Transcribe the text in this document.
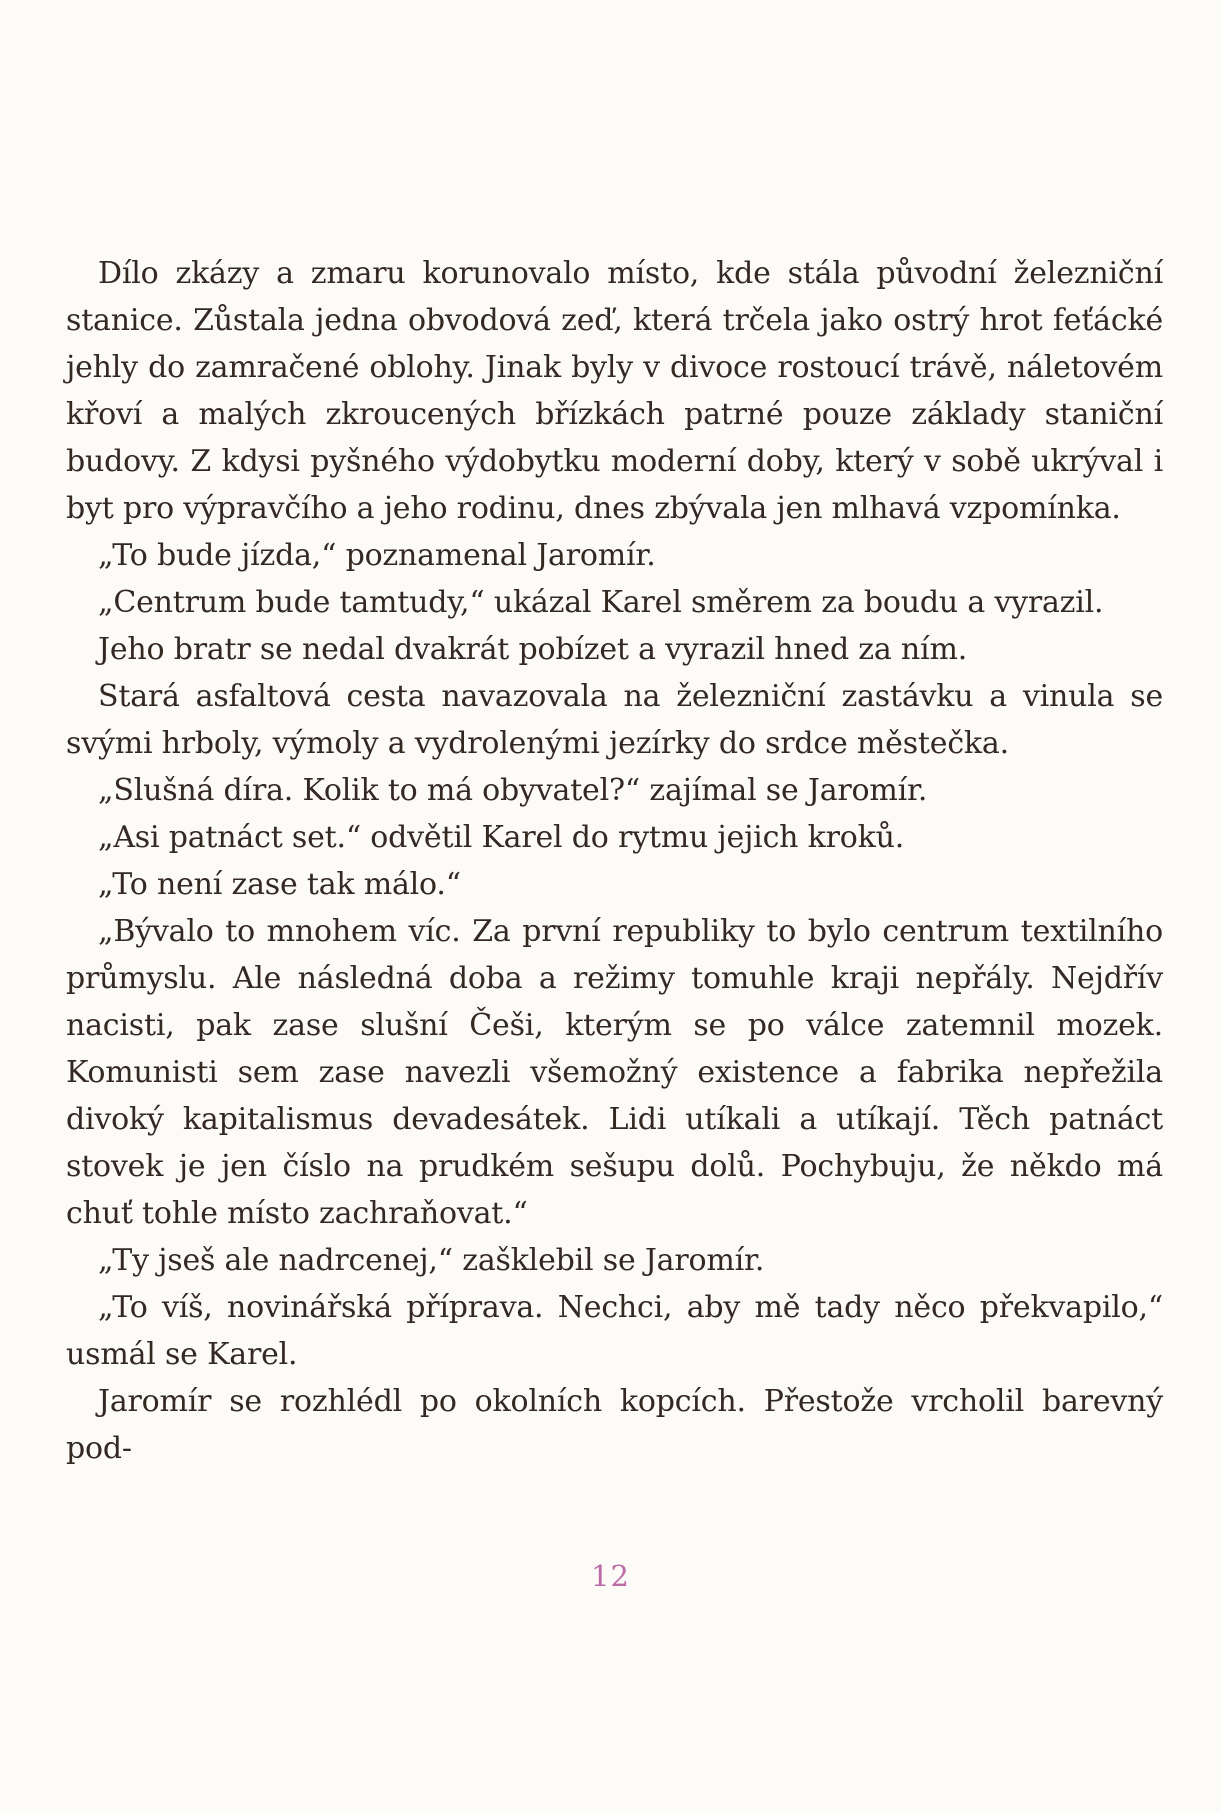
Dílo zkázy a zmaru korunovalo místo, kde stála původní železniční stanice. Zůstala jedna obvodová zeď, která trčela jako ostrý hrot feťácké jehly do zamračené oblohy. Jinak byly v divoce rostoucí trávě, náletovém křoví a malých zkroucených břízkách patrné pouze základy staniční budovy. Z kdysi pyšného výdobytku moderní doby, který v sobě ukrýval i byt pro výpravčího a jeho rodinu, dnes zbývala jen mlhavá vzpomínka.

„To bude jízda,“ poznamenal Jaromír.

„Centrum bude tamtudy,“ ukázal Karel směrem za boudu a vyrazil.

Jeho bratr se nedal dvakrát pobízet a vyrazil hned za ním.

Stará asfaltová cesta navazovala na železniční zastávku a vinula se svými hrboly, výmoly a vydrolenými jezírky do srdce městečka.

„Slušná díra. Kolik to má obyvatel?“ zajímal se Jaromír.

„Asi patnáct set.“ odvětil Karel do rytmu jejich kroků.

„To není zase tak málo.“

„Bývalo to mnohem víc. Za první republiky to bylo centrum textilního průmyslu. Ale následná doba a režimy tomuhle kraji nepřály. Nejdřív nacisti, pak zase slušní Češi, kterým se po válce zatemnil mozek. Komunisti sem zase navezli všemožný existence a fabrika nepřežila divoký kapitalismus devadesátek. Lidi utíkali a utíkají. Těch patnáct stovek je jen číslo na prudkém sešupu dolů. Pochybuju, že někdo má chuť tohle místo zachraňovat.“

„Ty jseš ale nadrcenej,“ zašklebil se Jaromír.

„To víš, novinářská příprava. Nechci, aby mě tady něco překvapilo,“ usmál se Karel.

Jaromír se rozhlédl po okolních kopcích. Přestože vrcholil barevný pod-

12
